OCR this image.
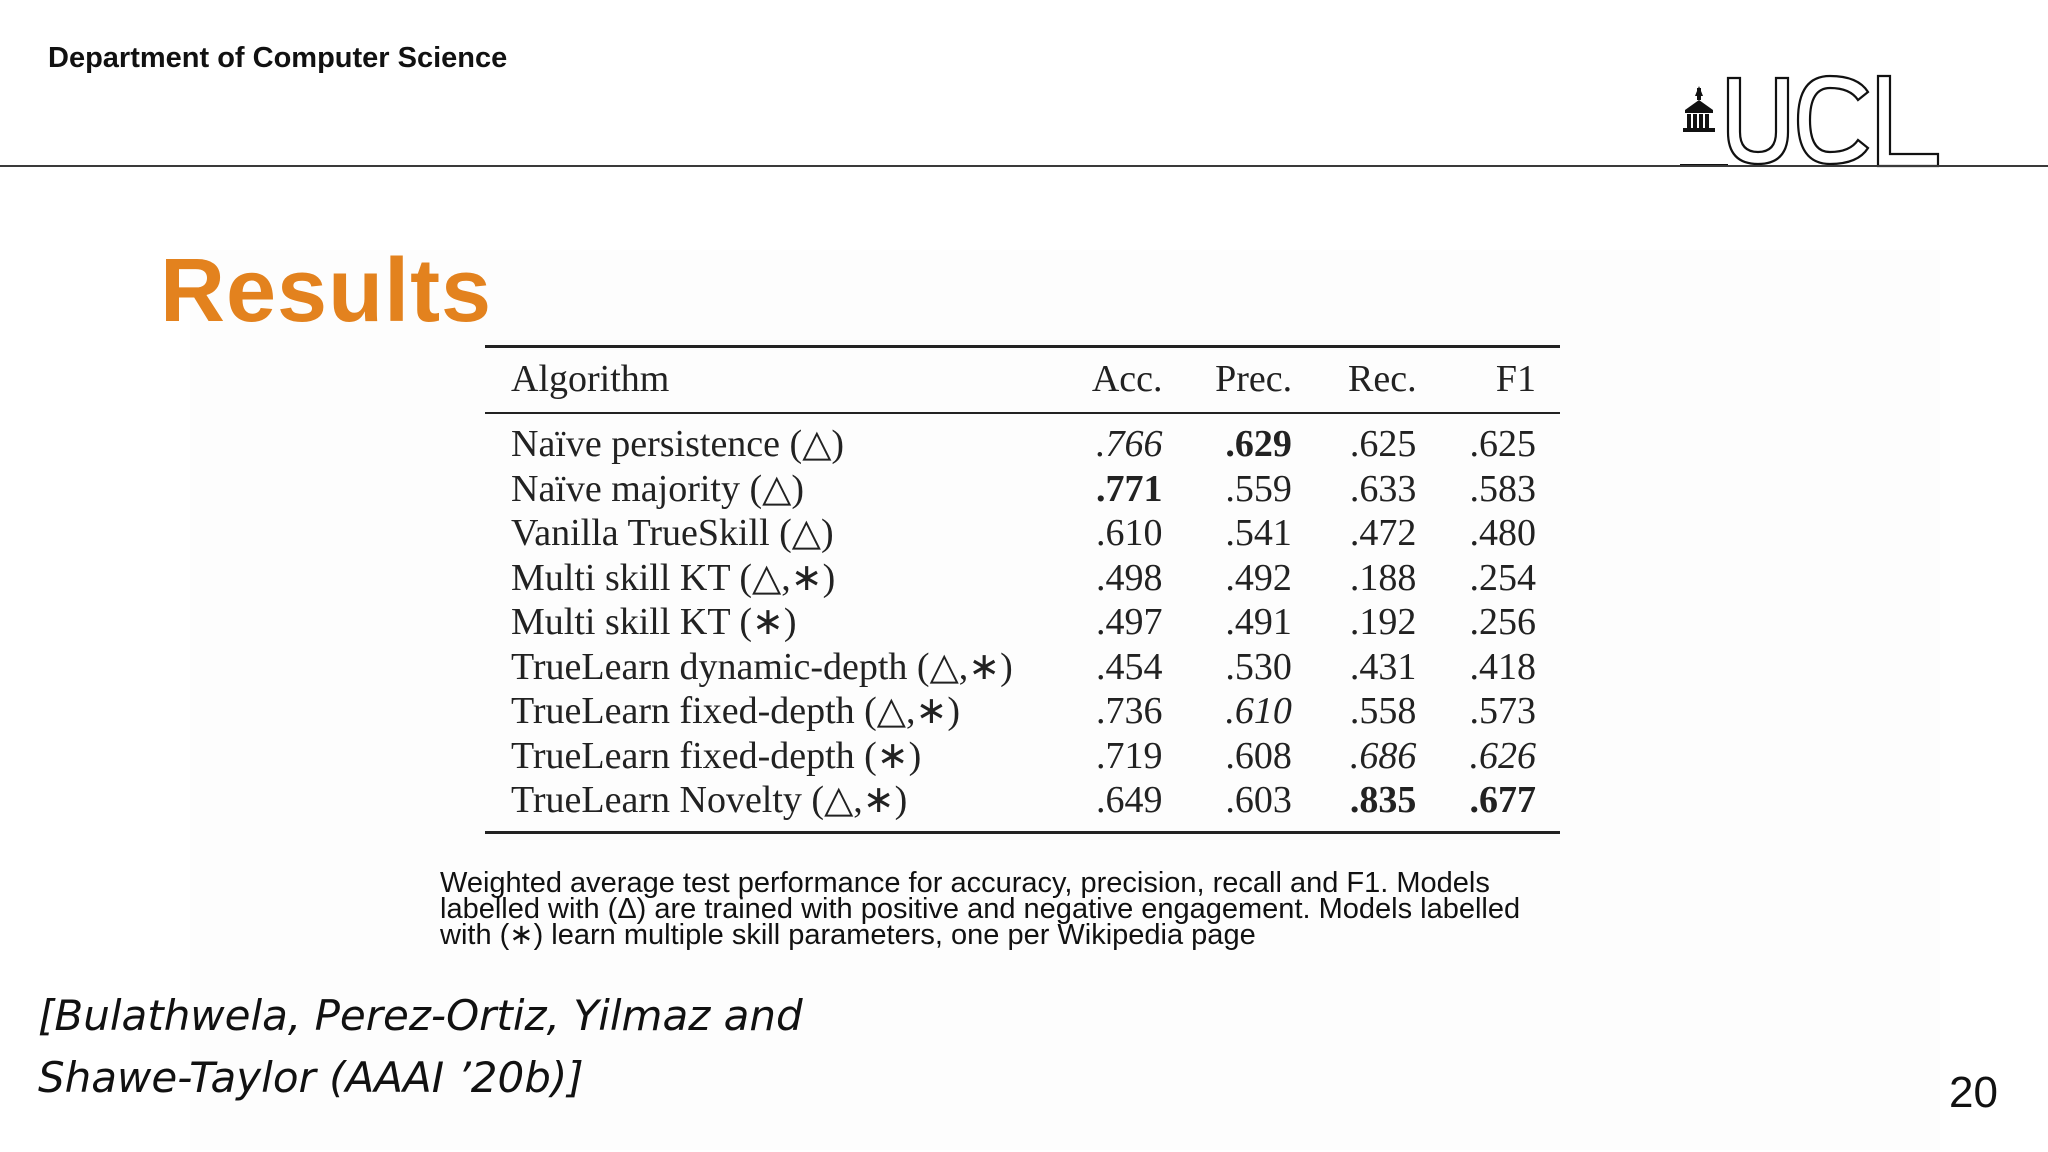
Department of Computer Science
Results
Algorithm	Acc.	Prec.	Rec.	F1
Naïve persistence (△)	.766	.629	.625	.625
Naïve majority (△)	.771	.559	.633	.583
Vanilla TrueSkill (△)	.610	.541	.472	.480
Multi skill KT (△,∗)	.498	.492	.188	.254
Multi skill KT (∗)	.497	.491	.192	.256
TrueLearn dynamic-depth (△,∗)	.454	.530	.431	.418
TrueLearn fixed-depth (△,∗)	.736	.610	.558	.573
TrueLearn fixed-depth (∗)	.719	.608	.686	.626
TrueLearn Novelty (△,∗)	.649	.603	.835	.677
Weighted average test performance for accuracy, precision, recall and F1. Models
labelled with (Δ) are trained with positive and negative engagement. Models labelled
with (∗) learn multiple skill parameters, one per Wikipedia page
[Bulathwela, Perez-Ortiz, Yilmaz and
Shawe-Taylor (AAAI ’20b)]	20
